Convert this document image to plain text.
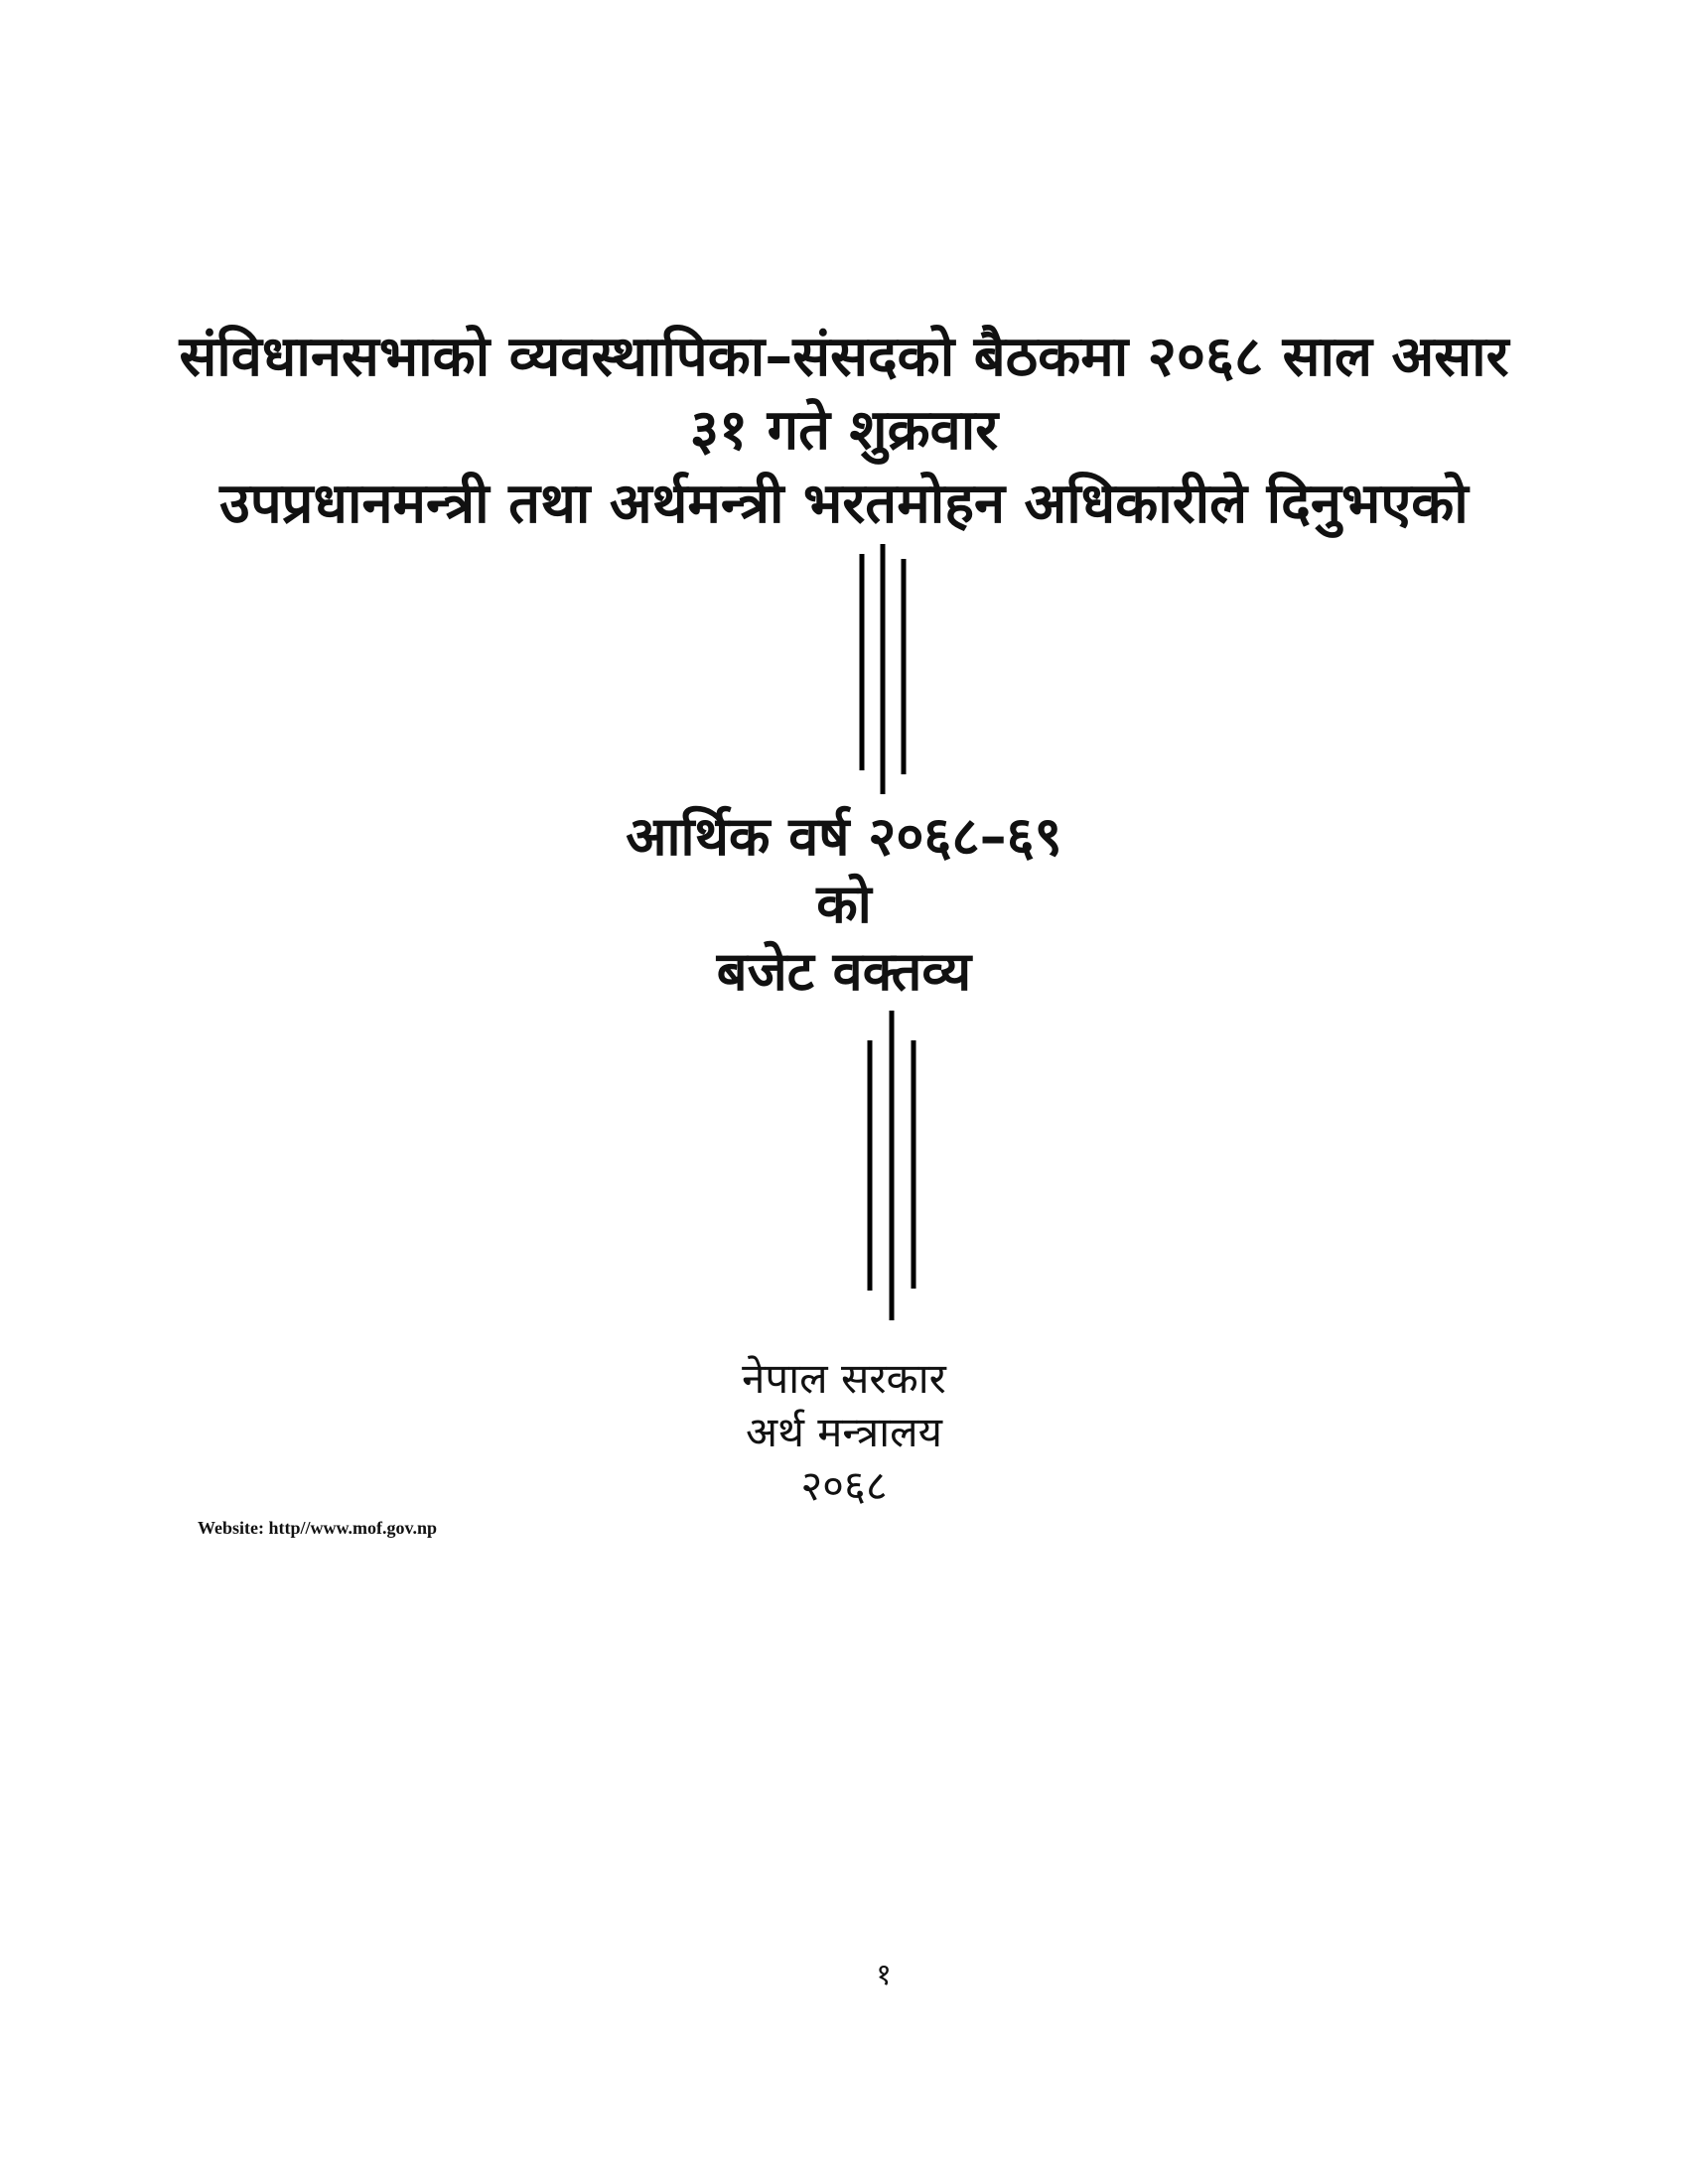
संविधानसभाको व्यवस्थापिका–संसदको बैठकमा २०६८ साल असार
३१ गते शुक्रवार
उपप्रधानमन्त्री तथा अर्थमन्त्री भरतमोहन अधिकारीले दिनुभएको
आर्थिक वर्ष २०६८–६९
को
बजेट वक्तव्य
नेपाल सरकार
अर्थ मन्त्रालय
२०६८
Website: http//www.mof.gov.np
१
